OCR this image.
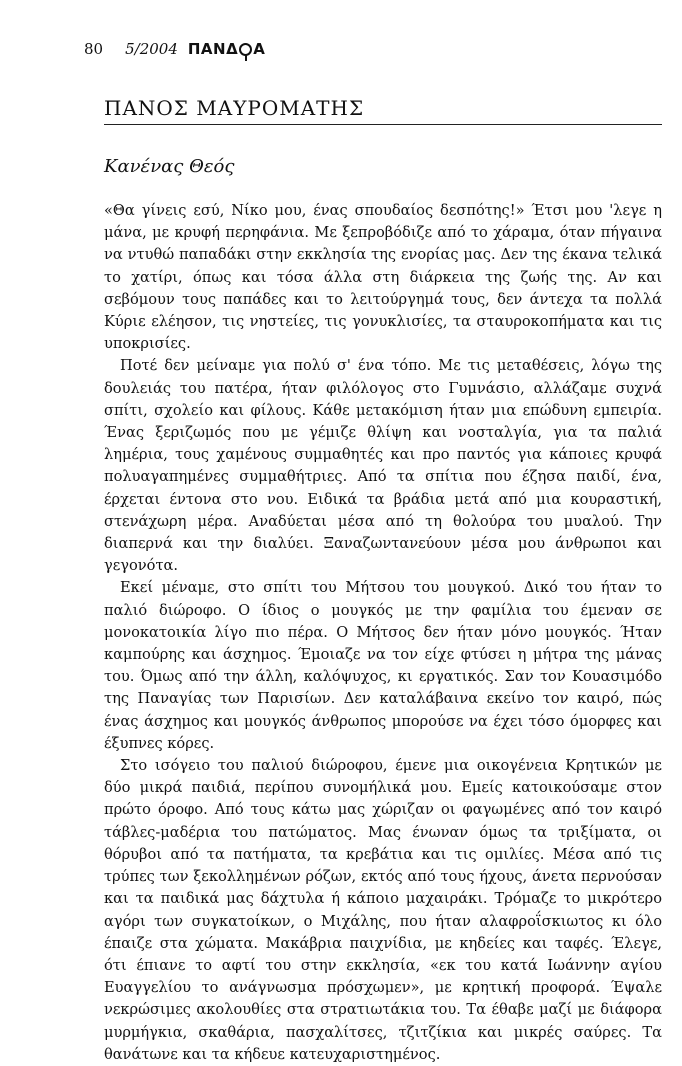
80 5/2004 ΠΑΝΔ Α
ΠΑΝΟΣ ΜΑΥΡΟΜΑΤΗΣ
Κανένας Θεός

«Θα γίνεις εσύ, Νίκο μου, ένας σπουδαίος δεσπότης!» Έτσι μου 'λεγε η μάνα, με κρυφή περηφάνια. Με ξεπροβόδιζε από το χάραμα, όταν πήγαινα να ντυθώ παπαδάκι στην εκκλησία της ενορίας μας. Δεν της έκανα τελικά το χατίρι, όπως και τόσα άλλα στη διάρκεια της ζωής της. Αν και σεβόμουν τους παπάδες και το λειτούργημά τους, δεν άντεχα τα πολλά Κύριε ελέησον, τις νηστείες, τις γονυκλισίες, τα σταυροκοπήματα και τις υποκρισίες.

Ποτέ δεν μείναμε για πολύ σ' ένα τόπο. Με τις μεταθέσεις, λόγω της δουλειάς του πατέρα, ήταν φιλόλογος στο Γυμνάσιο, αλλάζαμε συχνά σπίτι, σχολείο και φίλους. Κάθε μετακόμιση ήταν μια επώδυνη εμπειρία. Ένας ξεριζωμός που με γέμιζε θλίψη και νοσταλγία, για τα παλιά λημέρια, τους χαμένους συμμαθητές και προ παντός για κάποιες κρυφά πολυαγαπημένες συμμαθήτριες. Από τα σπίτια που έζησα παιδί, ένα, έρχεται έντονα στο νου. Ειδικά τα βράδια μετά από μια κουραστική, στενάχωρη μέρα. Αναδύεται μέσα από τη θολούρα του μυαλού. Την διαπερνά και την διαλύει. Ξαναζωντανεύουν μέσα μου άνθρωποι και γεγονότα.

Εκεί μέναμε, στο σπίτι του Μήτσου του μουγκού. Δικό του ήταν το παλιό διώροφο. Ο ίδιος ο μουγκός με την φαμίλια του έμεναν σε μονοκατοικία λίγο πιο πέρα. Ο Μήτσος δεν ήταν μόνο μουγκός. Ήταν καμπούρης και άσχημος. Έμοιαζε να τον είχε φτύσει η μήτρα της μάνας του. Όμως από την άλλη, καλόψυχος, κι εργατικός. Σαν τον Κουασιμόδο της Παναγίας των Παρισίων. Δεν καταλάβαινα εκείνο τον καιρό, πώς ένας άσχημος και μουγκός άνθρωπος μπορούσε να έχει τόσο όμορφες και έξυπνες κόρες.

Στο ισόγειο του παλιού διώροφου, έμενε μια οικογένεια Κρητικών με δύο μικρά παιδιά, περίπου συνομήλικά μου. Εμείς κατοικούσαμε στον πρώτο όροφο. Από τους κάτω μας χώριζαν οι φαγωμένες από τον καιρό τάβλες-μαδέρια του πατώματος. Μας ένωναν όμως τα τριξίματα, οι θόρυβοι από τα πατήματα, τα κρεβάτια και τις ομιλίες. Μέσα από τις τρύπες των ξεκολλημένων ρόζων, εκτός από τους ήχους, άνετα περνούσαν και τα παιδικά μας δάχτυλα ή κάποιο μαχαιράκι. Τρόμαζε το μικρότερο αγόρι των συγκατοίκων, ο Μιχάλης, που ήταν αλαφροΐσκιωτος κι όλο έπαιζε στα χώματα. Μακάβρια παιχνίδια, με κηδείες και ταφές. Έλεγε, ότι έπιανε το αφτί του στην εκκλησία, «εκ του κατά Ιωάννην αγίου Ευαγγελίου το ανάγνωσμα πρόσχωμεν», με κρητική προφορά. Έψαλε νεκρώσιμες ακολουθίες στα στρατιωτάκια του. Τα έθαβε μαζί με διάφορα μυρμήγκια, σκαθάρια, πασχαλίτσες, τζιτζίκια και μικρές σαύρες. Τα θανάτωνε και τα κήδευε κατευχαριστημένος.
